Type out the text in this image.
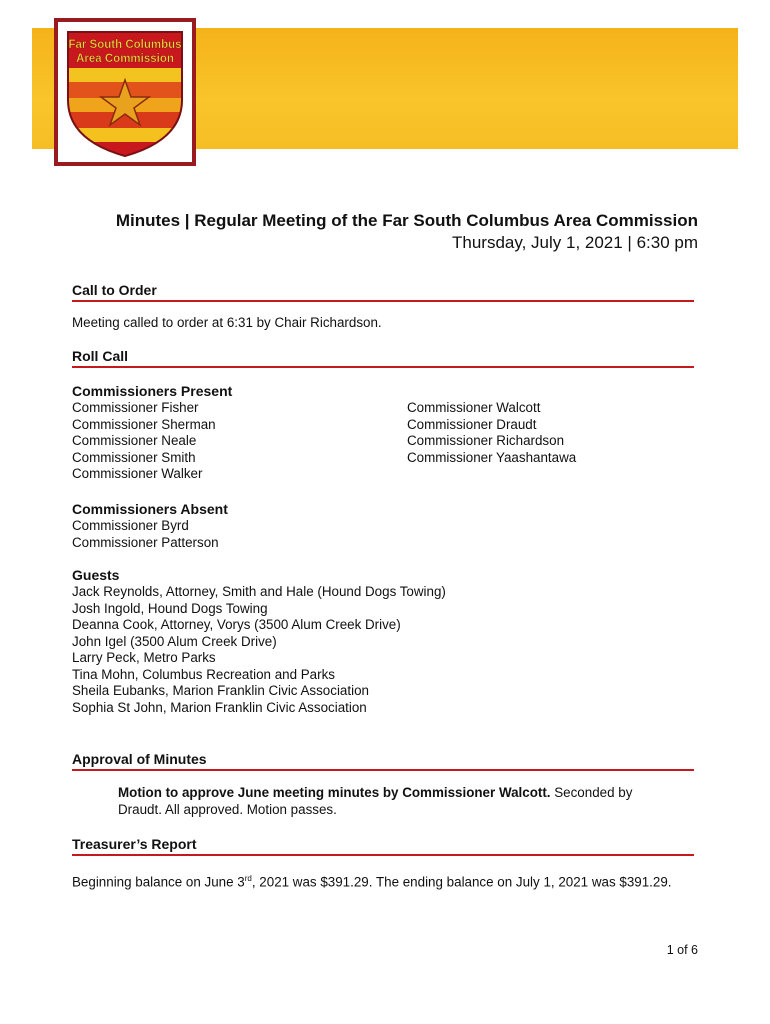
Far South Columbus
Area Commission
Minutes | Regular Meeting of the Far South Columbus Area Commission
Thursday, July 1, 2021 | 6:30 pm
Call to Order
Meeting called to order at 6:31 by Chair Richardson.
Roll Call
Commissioners Present
Commissioner Fisher
Commissioner Sherman
Commissioner Neale
Commissioner Smith
Commissioner Walker
Commissioner Walcott
Commissioner Draudt
Commissioner Richardson
Commissioner Yaashantawa
Commissioners Absent
Commissioner Byrd
Commissioner Patterson
Guests
Jack Reynolds, Attorney, Smith and Hale (Hound Dogs Towing)
Josh Ingold, Hound Dogs Towing
Deanna Cook, Attorney, Vorys (3500 Alum Creek Drive)
John Igel (3500 Alum Creek Drive)
Larry Peck, Metro Parks
Tina Mohn, Columbus Recreation and Parks
Sheila Eubanks, Marion Franklin Civic Association
Sophia St John, Marion Franklin Civic Association
Approval of Minutes
Motion to approve June meeting minutes by Commissioner Walcott. Seconded by Draudt. All approved. Motion passes.
Treasurer’s Report
Beginning balance on June 3rd, 2021 was $391.29. The ending balance on July 1, 2021 was $391.29.
1 of 6
